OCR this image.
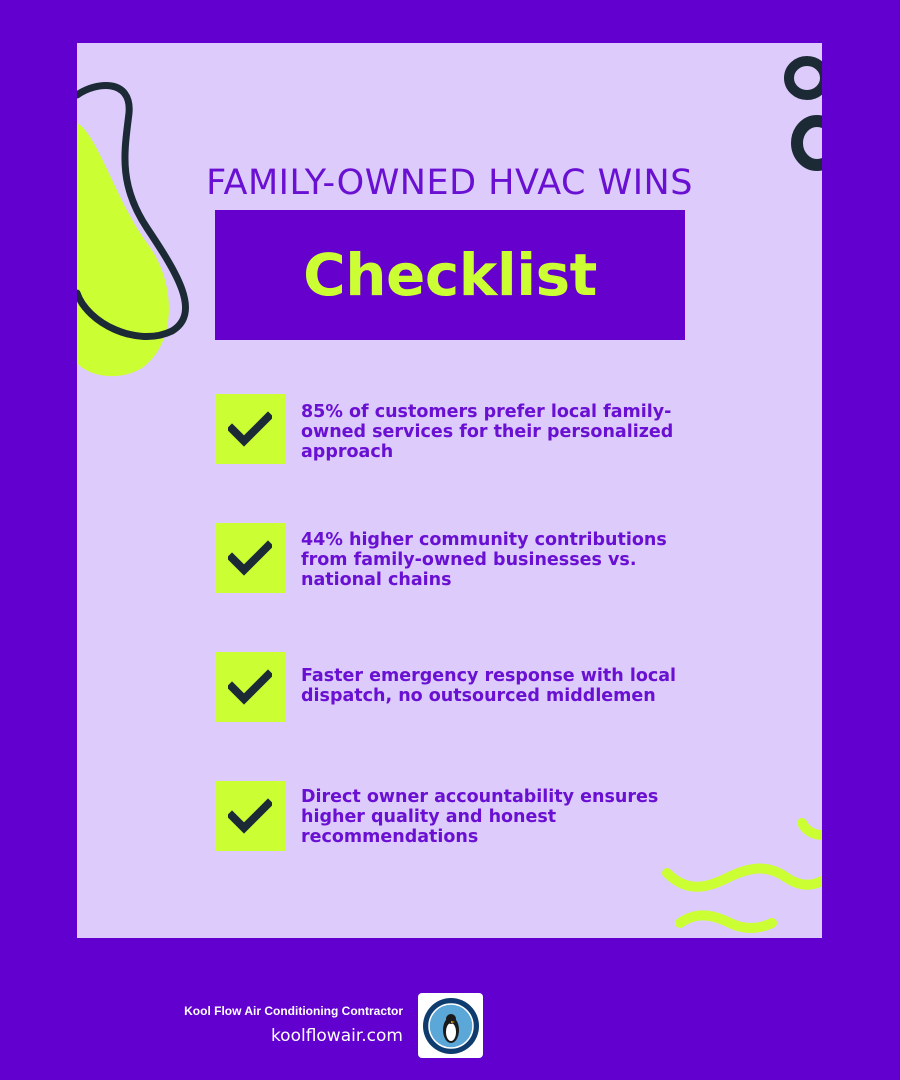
FAMILY-OWNED HVAC WINS
Checklist
85% of customers prefer local family-owned services for their personalized approach
44% higher community contributions from family-owned businesses vs. national chains
Faster emergency response with local dispatch, no outsourced middlemen
Direct owner accountability ensures higher quality and honest recommendations
Kool Flow Air Conditioning Contractor
koolflowair.com
